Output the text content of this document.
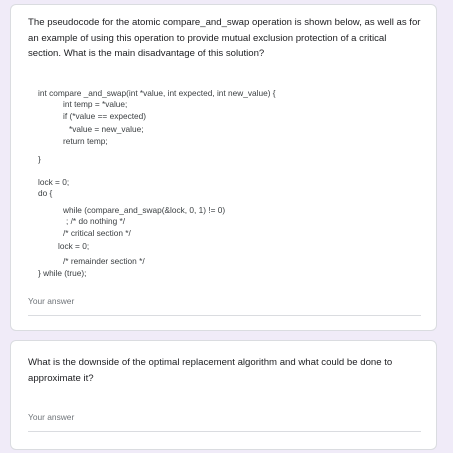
The pseudocode for the atomic compare_and_swap operation is shown below, as well as for an example of using this operation to provide mutual exclusion protection of a critical section. What is the main disadvantage of this solution?

int compare _and_swap(int *value, int expected, int new_value) {
int temp = *value;
if (*value == expected)
*value = new_value;
return temp;
}
lock = 0;
do {
while (compare_and_swap(&lock, 0, 1) != 0)
; /* do nothing */
/* critical section */
lock = 0;
/* remainder section */
} while (true);
Your answer

What is the downside of the optimal replacement algorithm and what could be done to approximate it?

Your answer
